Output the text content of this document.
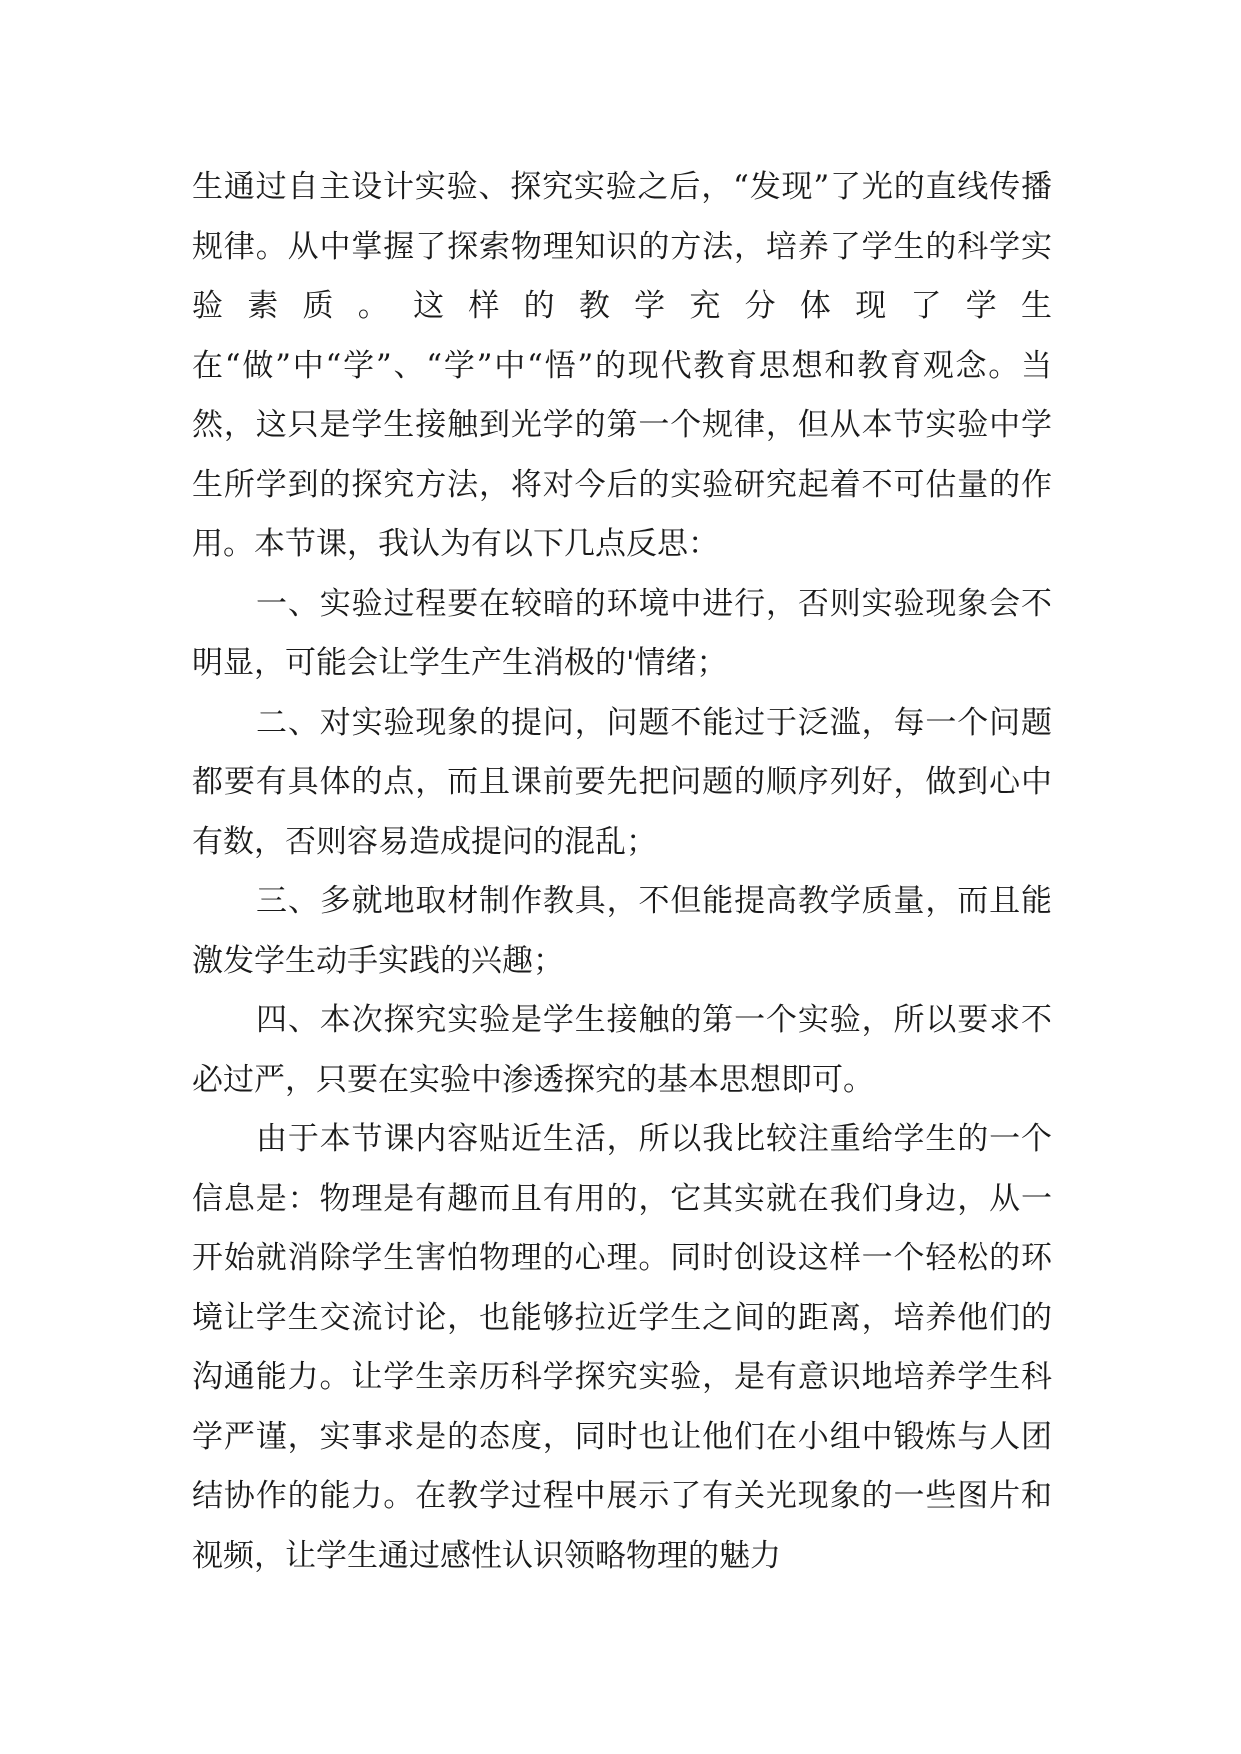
生通过自主设计实验、探究实验之后，“发现”了光的直线传播规律。从中掌握了探索物理知识的方法，培养了学生的科学实验素质。这样的教学充分体现了学生在“做”中“学”、“学”中“悟”的现代教育思想和教育观念。当然，这只是学生接触到光学的第一个规律，但从本节实验中学生所学到的探究方法，将对今后的实验研究起着不可估量的作用。本节课，我认为有以下几点反思：

一、实验过程要在较暗的环境中进行，否则实验现象会不明显，可能会让学生产生消极的'情绪；

二、对实验现象的提问，问题不能过于泛滥，每一个问题都要有具体的点，而且课前要先把问题的顺序列好，做到心中有数，否则容易造成提问的混乱；

三、多就地取材制作教具，不但能提高教学质量，而且能激发学生动手实践的兴趣；

四、本次探究实验是学生接触的第一个实验，所以要求不必过严，只要在实验中渗透探究的基本思想即可。

由于本节课内容贴近生活，所以我比较注重给学生的一个信息是：物理是有趣而且有用的，它其实就在我们身边，从一开始就消除学生害怕物理的心理。同时创设这样一个轻松的环境让学生交流讨论，也能够拉近学生之间的距离，培养他们的沟通能力。让学生亲历科学探究实验，是有意识地培养学生科学严谨，实事求是的态度，同时也让他们在小组中锻炼与人团结协作的能力。在教学过程中展示了有关光现象的一些图片和视频，让学生通过感性认识领略物理的魅力
